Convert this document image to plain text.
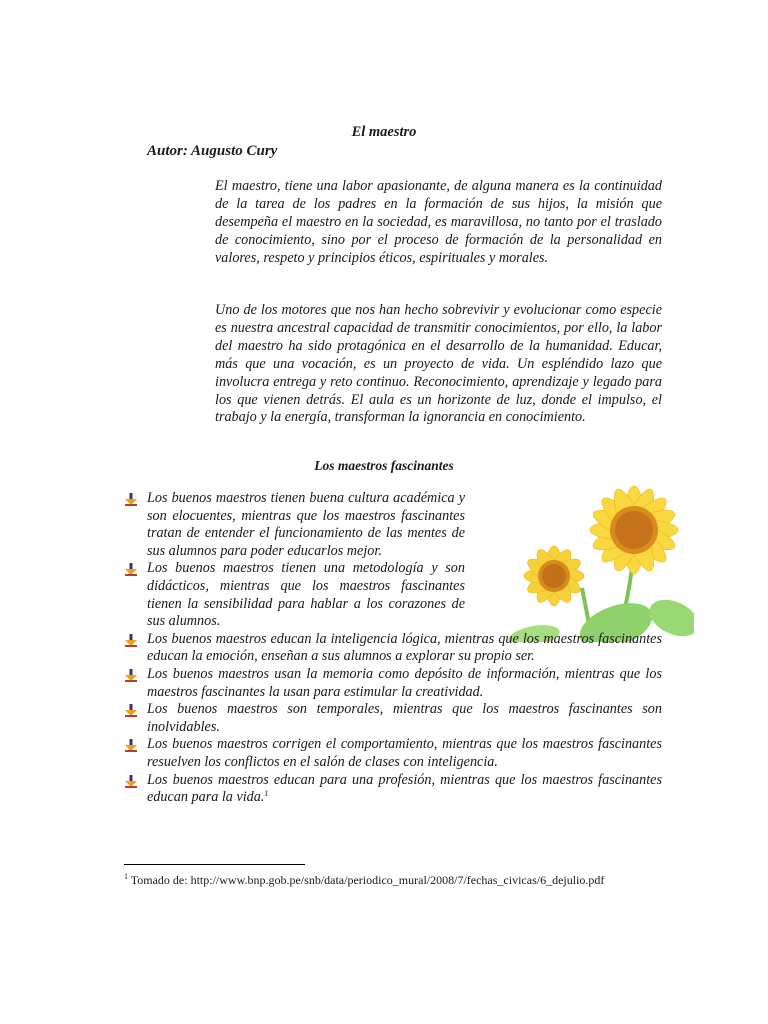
El maestro
Autor: Augusto Cury
El maestro, tiene una labor apasionante, de alguna manera es la continuidad de la tarea de los padres en la formación de sus hijos, la misión que desempeña el maestro en la sociedad, es maravillosa, no tanto por el traslado de conocimiento, sino por el proceso de formación de la personalidad en valores, respeto y principios éticos, espirituales y morales.
Uno de los motores que nos han hecho sobrevivir y evolucionar como especie es nuestra ancestral capacidad de transmitir conocimientos, por ello, la labor del maestro ha sido protagónica en el desarrollo de la humanidad. Educar, más que una vocación, es un proyecto de vida. Un espléndido lazo que involucra entrega y reto continuo. Reconocimiento, aprendizaje y legado para los que vienen detrás. El aula es un horizonte de luz, donde el impulso, el trabajo y la energía, transforman la ignorancia en conocimiento.
Los maestros fascinantes
Los buenos maestros tienen buena cultura académica y son elocuentes, mientras que los maestros fascinantes tratan de entender el funcionamiento de las mentes de sus alumnos para poder educarlos mejor.
Los buenos maestros tienen una metodología y son didácticos, mientras que los maestros fascinantes tienen la sensibilidad para hablar a los corazones de sus alumnos.
Los buenos maestros educan la inteligencia lógica, mientras que los maestros fascinantes educan la emoción, enseñan a sus alumnos a explorar su propio ser.
Los buenos maestros usan la memoria como depósito de información, mientras que los maestros fascinantes la usan para estimular la creatividad.
Los buenos maestros son temporales, mientras que los maestros fascinantes son inolvidables.
Los buenos maestros corrigen el comportamiento, mientras que los maestros fascinantes resuelven los conflictos en el salón de clases con inteligencia.
Los buenos maestros educan para una profesión, mientras que los maestros fascinantes educan para la vida.$^1$
$^1$ Tomado de: http://www.bnp.gob.pe/snb/data/periodico_mural/2008/7/fechas_civicas/6_dejulio.pdf
